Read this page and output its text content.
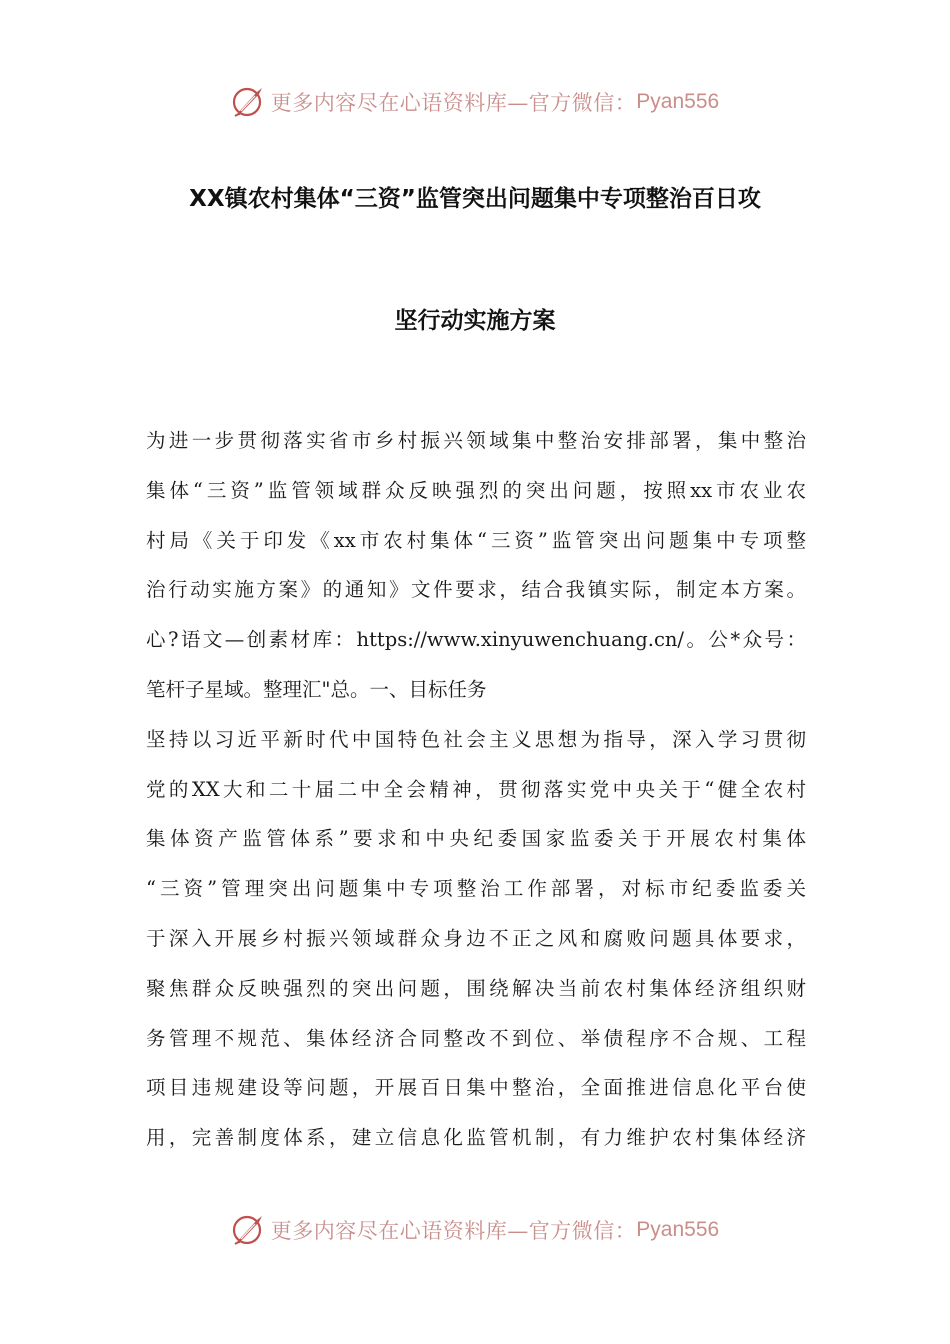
更多内容尽在心语资料库—官方微信： Pyan556
XX镇农村集体“三资”监管突出问题集中专项整治百日攻
坚行动实施方案
为进一步贯彻落实省市乡村振兴领域集中整治安排部署，集中整治
集体“三资”监管领域群众反映强烈的突出问题，按照xx市农业农
村局《关于印发《xx市农村集体“三资”监管突出问题集中专项整
治行动实施方案》的通知》文件要求，结合我镇实际，制定本方案。
心?语文—创素材库：https://www.xinyuwenchuang.cn/。公*众号：
笔杆子星域。整理汇"总。一、目标任务
坚持以习近平新时代中国特色社会主义思想为指导，深入学习贯彻
党的XX大和二十届二中全会精神，贯彻落实党中央关于“健全农村
集体资产监管体系”要求和中央纪委国家监委关于开展农村集体
“三资”管理突出问题集中专项整治工作部署，对标市纪委监委关
于深入开展乡村振兴领域群众身边不正之风和腐败问题具体要求，
聚焦群众反映强烈的突出问题，围绕解决当前农村集体经济组织财
务管理不规范、集体经济合同整改不到位、举债程序不合规、工程
项目违规建设等问题，开展百日集中整治，全面推进信息化平台使
用，完善制度体系，建立信息化监管机制，有力维护农村集体经济
更多内容尽在心语资料库—官方微信： Pyan556
